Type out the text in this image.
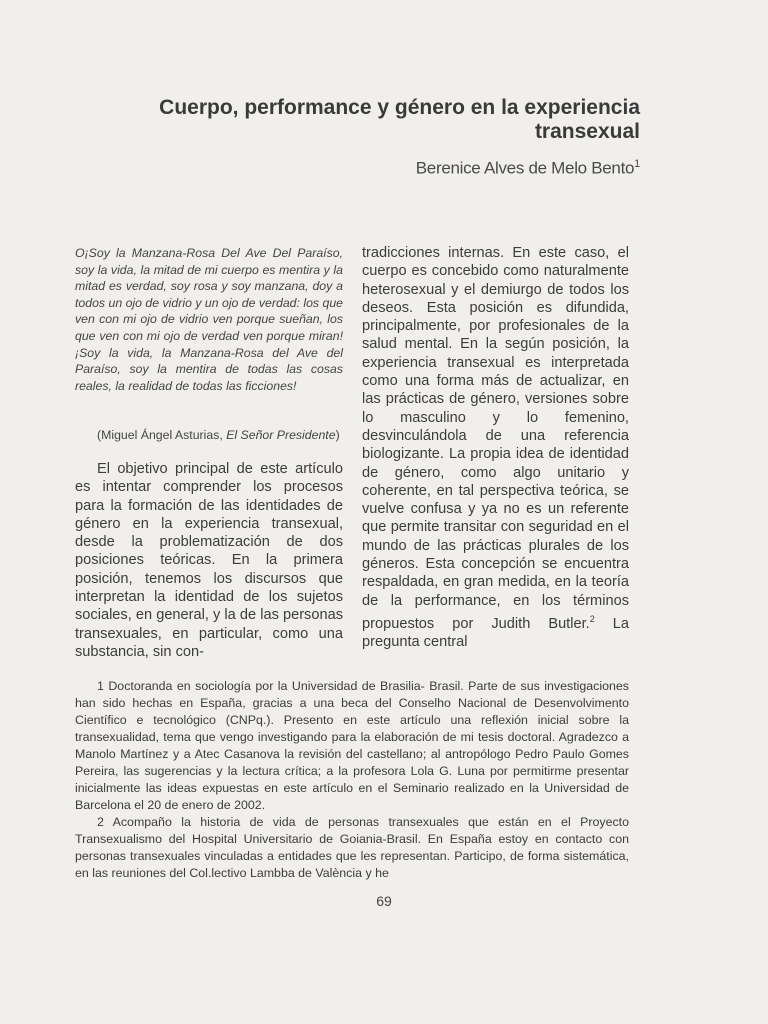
Cuerpo, performance y género en la experiencia transexual
Berenice Alves de Melo Bento$^1$

O¡Soy la Manzana-Rosa Del Ave Del Paraíso, soy la vida, la mitad de mi cuerpo es mentira y la mitad es verdad, soy rosa y soy manzana, doy a todos un ojo de vidrio y un ojo de verdad: los que ven con mi ojo de vidrio ven porque sueñan, los que ven con mi ojo de verdad ven porque miran! ¡Soy la vida, la Manzana-Rosa del Ave del Paraíso, soy la mentira de todas las cosas reales, la realidad de todas las ficciones!

(Miguel Ángel Asturias, El Señor Presidente)

El objetivo principal de este artículo es intentar comprender los procesos para la formación de las identidades de género en la experiencia transexual, desde la problematización de dos posiciones teóricas. En la primera posición, tenemos los discursos que interpretan la identidad de los sujetos sociales, en general, y la de las personas transexuales, en particular, como una substancia, sin con-

tradicciones internas. En este caso, el cuerpo es concebido como naturalmente heterosexual y el demiurgo de todos los deseos. Esta posición es difundida, principalmente, por profesionales de la salud mental. En la según posición, la experiencia transexual es interpretada como una forma más de actualizar, en las prácticas de género, versiones sobre lo masculino y lo femenino, desvinculándola de una referencia biologizante. La propia idea de identidad de género, como algo unitario y coherente, en tal perspectiva teórica, se vuelve confusa y ya no es un referente que permite transitar con seguridad en el mundo de las prácticas plurales de los géneros. Esta concepción se encuentra respaldada, en gran medida, en la teoría de la performance, en los términos propuestos por Judith Butler.$^2$ La pregunta central

1 Doctoranda en sociología por la Universidad de Brasilia- Brasil. Parte de sus investigaciones han sido hechas en España, gracias a una beca del Conselho Nacional de Desenvolvimento Científico e tecnológico (CNPq.). Presento en este artículo una reflexión inicial sobre la transexualidad, tema que vengo investigando para la elaboración de mi tesis doctoral. Agradezco a Manolo Martínez y a Atec Casanova la revisión del castellano; al antropólogo Pedro Paulo Gomes Pereira, las sugerencias y la lectura crítica; a la profesora Lola G. Luna por permitirme presentar inicialmente las ideas expuestas en este artículo en el Seminario realizado en la Universidad de Barcelona el 20 de enero de 2002.

2 Acompaño la historia de vida de personas transexuales que están en el Proyecto Transexualismo del Hospital Universitario de Goiania-Brasil. En España estoy en contacto con personas transexuales vinculadas a entidades que les representan. Participo, de forma sistemática, en las reuniones del Col.lectivo Lambba de València y he

69
